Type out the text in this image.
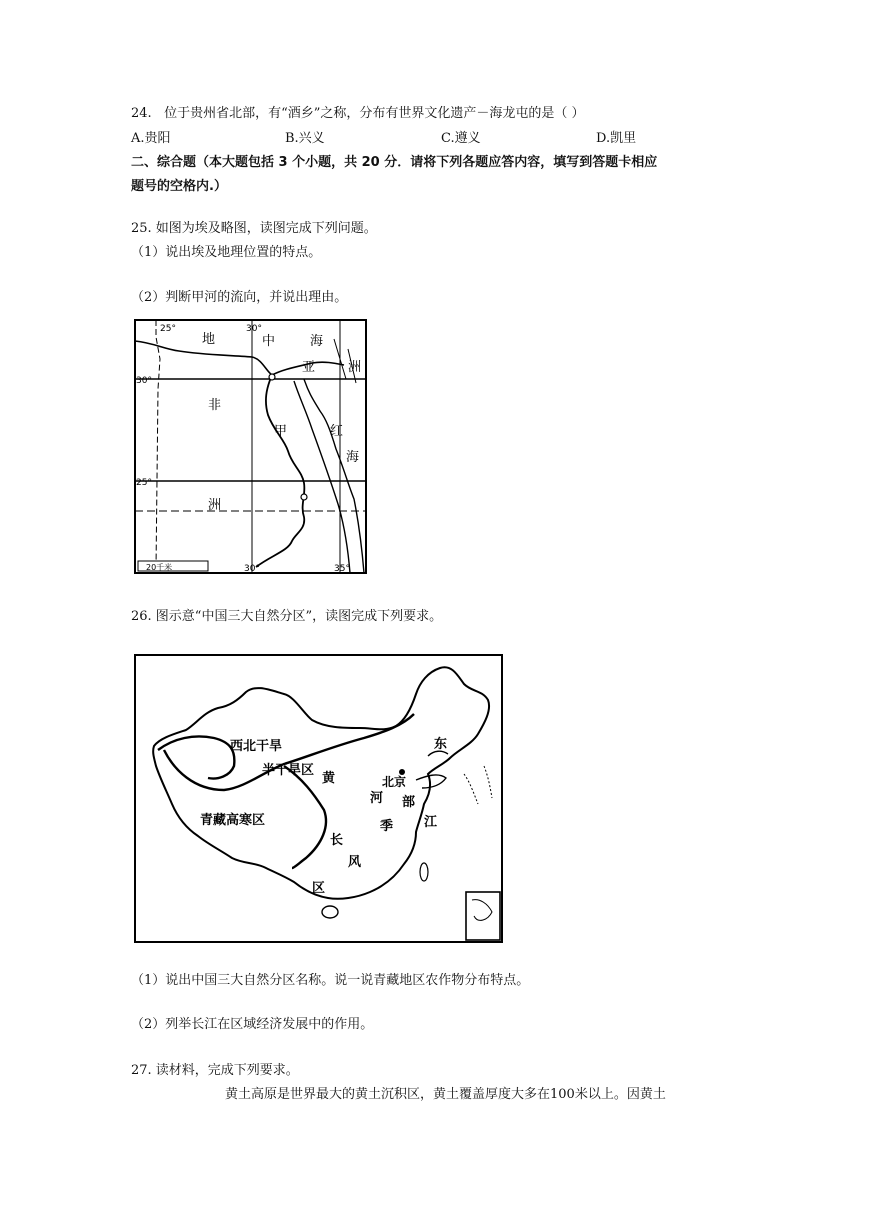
24.   位于贵州省北部，有“酒乡”之称，分布有世界文化遗产－海龙屯的是（ ）
A.贵阳	B.兴义	C.遵义	D.凯里
二、综合题（本大题包括 3 个小题，共 20 分．请将下列各题应答内容，填写到答题卡相应
题号的空格内.）
25. 如图为埃及略图，读图完成下列问题。
（1）说出埃及地理位置的特点。
（2）判断甲河的流向，并说出理由。
20千米
25°	30°
30°
25°
30°	35°
地	中	海
亚	洲
非
甲	红
海
洲
26. 图示意“中国三大自然分区”，读图完成下列要求。
西北干旱
半干旱区
黄	北京
东
河 部
青藏高寒区	季 江
长
风
区
（1）说出中国三大自然分区名称。说一说青藏地区农作物分布特点。
（2）列举长江在区域经济发展中的作用。
27. 读材料，完成下列要求。
黄土高原是世界最大的黄土沉积区，黄土覆盖厚度大多在100米以上。因黄土
